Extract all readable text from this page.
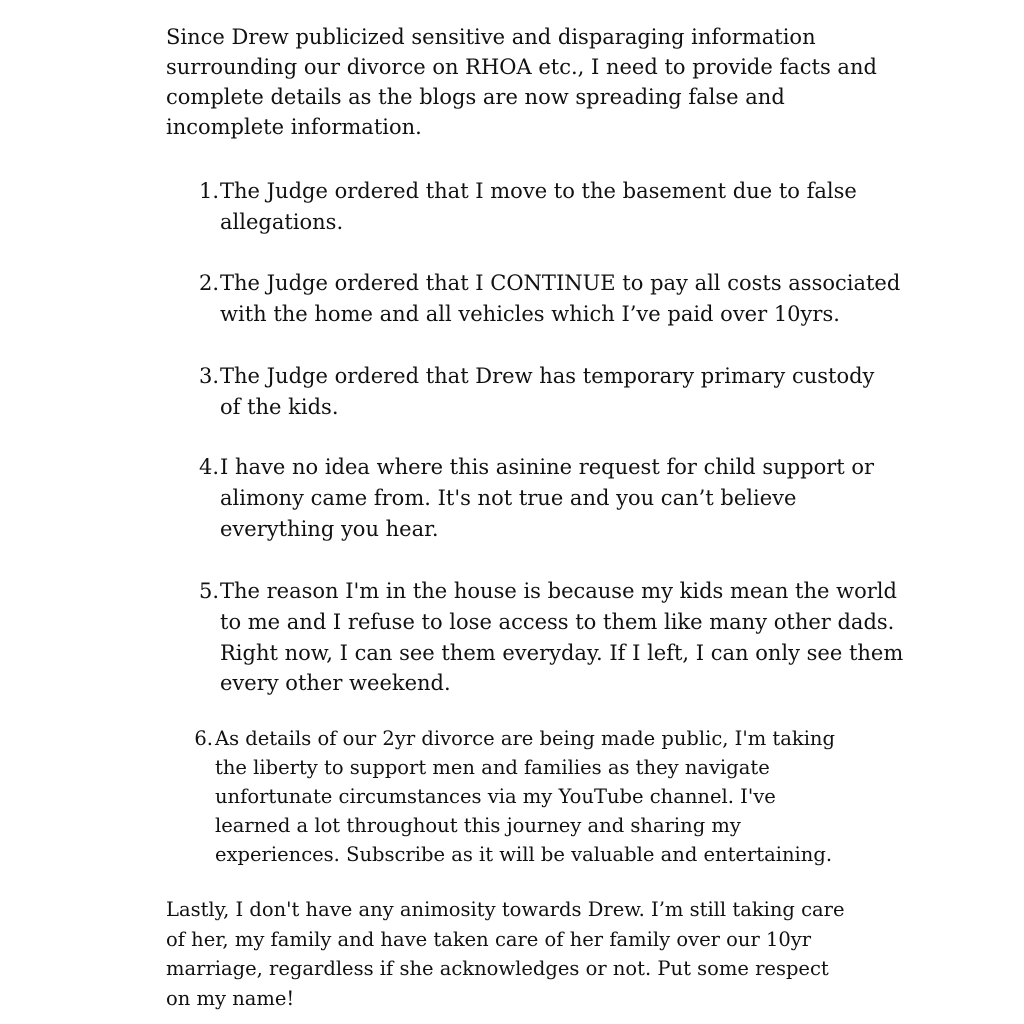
Since Drew publicized sensitive and disparaging information
surrounding our divorce on RHOA etc., I need to provide facts and
complete details as the blogs are now spreading false and
incomplete information.

1. The Judge ordered that I move to the basement due to false
allegations.
2. The Judge ordered that I CONTINUE to pay all costs associated
with the home and all vehicles which I’ve paid over 10yrs.
3. The Judge ordered that Drew has temporary primary custody
of the kids.
4. I have no idea where this asinine request for child support or
alimony came from. It's not true and you can’t believe
everything you hear.
5. The reason I'm in the house is because my kids mean the world
to me and I refuse to lose access to them like many other dads.
Right now, I can see them everyday. If I left, I can only see them
every other weekend.
6. As details of our 2yr divorce are being made public, I'm taking
the liberty to support men and families as they navigate
unfortunate circumstances via my YouTube channel. I've
learned a lot throughout this journey and sharing my
experiences. Subscribe as it will be valuable and entertaining.

Lastly, I don't have any animosity towards Drew. I’m still taking care
of her, my family and have taken care of her family over our 10yr
marriage, regardless if she acknowledges or not. Put some respect
on my name!
